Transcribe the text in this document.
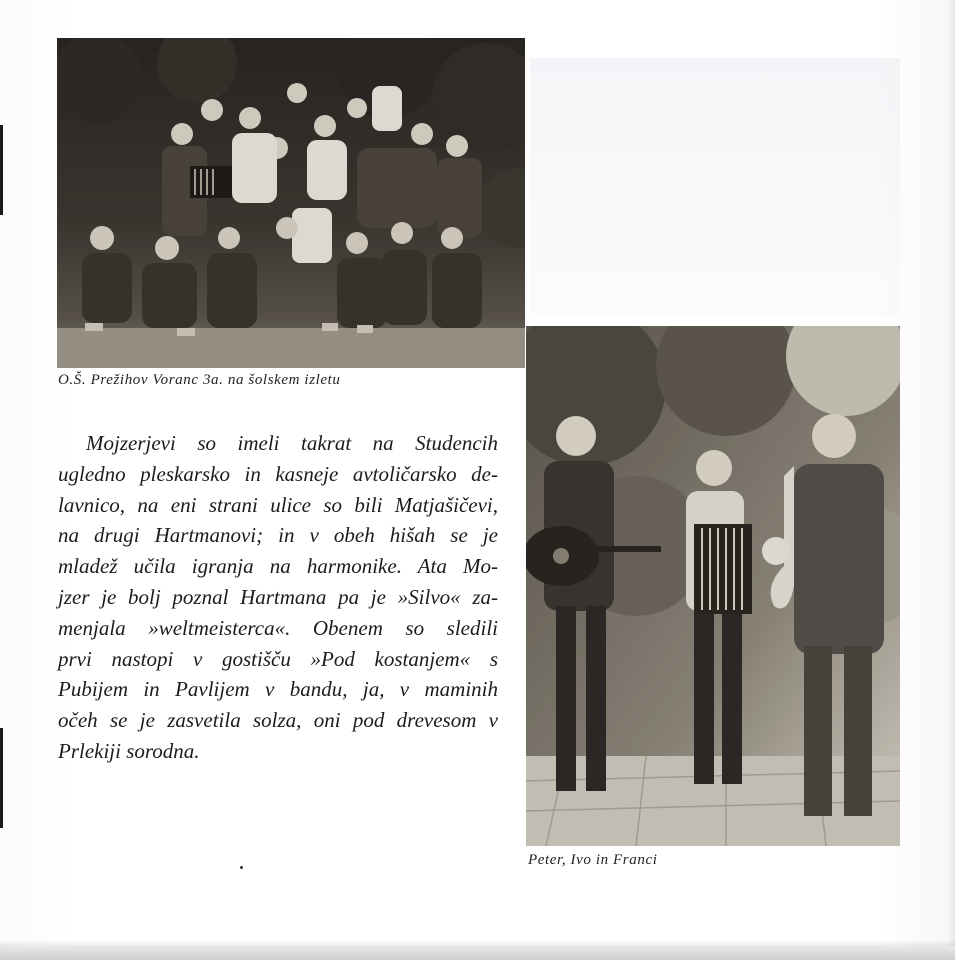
O.Š. Prežihov Voranc 3a. na šolskem izletu
Mojzerjevi so imeli takrat na Studencih
ugledno pleskarsko in kasneje avtoličarsko de-
lavnico, na eni strani ulice so bili Matjašičevi,
na drugi Hartmanovi; in v obeh hišah se je
mladež učila igranja na harmonike. Ata Mo-
jzer je bolj poznal Hartmana pa je »Silvo« za-
menjala »weltmeisterca«. Obenem so sledili
prvi nastopi v gostišču »Pod kostanjem« s
Pubijem in Pavlijem v bandu, ja, v maminih
očeh se je zasvetila solza, oni pod drevesom v
Prlekiji sorodna.
Peter, Ivo in Franci
